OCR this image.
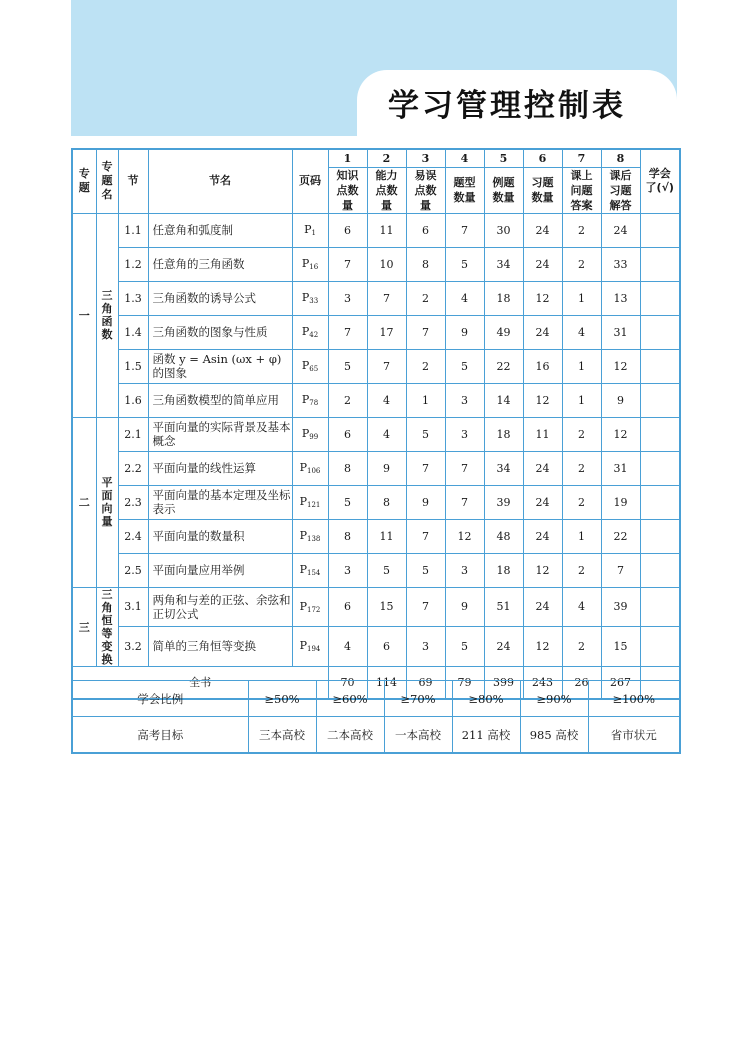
学习管理控制表
专题	专题名	节	节名	页码	1	2	3	4	5	6	7	8	学会了(√)
					知识点数量	能力点数量	易误点数量	题型数量	例题数量	习题数量	课上问题答案	课后习题解答	
一	三角函数	1.1	任意角和弧度制	$P_1$	6	11	6	7	30	24	2	24	
		1.2	任意角的三角函数	$P_{16}$	7	10	8	5	34	24	2	33	
		1.3	三角函数的诱导公式	$P_{33}$	3	7	2	4	18	12	1	13	
		1.4	三角函数的图象与性质	$P_{42}$	7	17	7	9	49	24	4	31	
		1.5	函数 y = Asin (ωx + φ)的图象	$P_{65}$	5	7	2	5	22	16	1	12	
		1.6	三角函数模型的简单应用	$P_{78}$	2	4	1	3	14	12	1	9	
二	平面向量	2.1	平面向量的实际背景及基本概念	$P_{99}$	6	4	5	3	18	11	2	12	
		2.2	平面向量的线性运算	$P_{106}$	8	9	7	7	34	24	2	31	
		2.3	平面向量的基本定理及坐标表示	$P_{121}$	5	8	9	7	39	24	2	19	
		2.4	平面向量的数量积	$P_{138}$	8	11	7	12	48	24	1	22	
		2.5	平面向量应用举例	$P_{154}$	3	5	5	3	18	12	2	7	
三	三角恒等变换	3.1	两角和与差的正弦、余弦和正切公式	$P_{172}$	6	15	7	9	51	24	4	39	
		3.2	简单的三角恒等变换	$P_{194}$	4	6	3	5	24	12	2	15	
全书					70	114	69	79	399	243	26	267	
学会比例	≥50%	≥60%	≥70%	≥80%	≥90%	≥100%
高考目标	三本高校	二本高校	一本高校	211 高校	985 高校	省市状元
